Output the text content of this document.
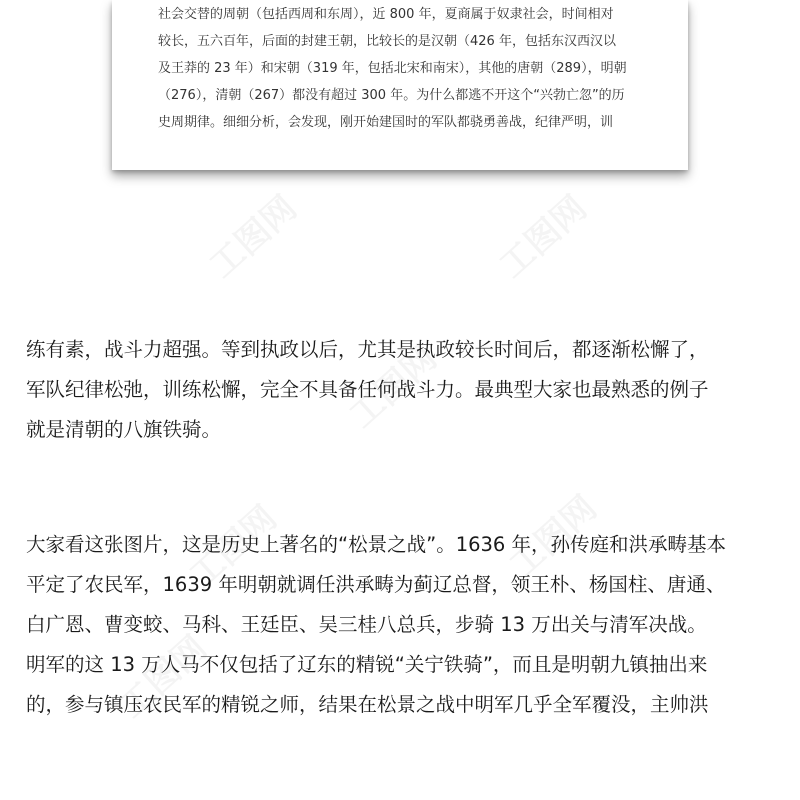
社会交替的周朝（包括西周和东周），近 800 年，夏商属于奴隶社会，时间相对
较长，五六百年，后面的封建王朝，比较长的是汉朝（426 年，包括东汉西汉以
及王莽的 23 年）和宋朝（319 年，包括北宋和南宋），其他的唐朝（289），明朝
（276），清朝（267）都没有超过 300 年。为什么都逃不开这个“兴勃亡忽”的历
史周期律。细细分析，会发现，刚开始建国时的军队都骁勇善战，纪律严明，训
练有素，战斗力超强。等到执政以后，尤其是执政较长时间后，都逐渐松懈了，
军队纪律松弛，训练松懈，完全不具备任何战斗力。最典型大家也最熟悉的例子
就是清朝的八旗铁骑。
大家看这张图片，这是历史上著名的“松景之战”。1636 年，孙传庭和洪承畴基本
平定了农民军，1639 年明朝就调任洪承畴为蓟辽总督，领王朴、杨国柱、唐通、
白广恩、曹变蛟、马科、王廷臣、吴三桂八总兵，步骑 13 万出关与清军决战。
明军的这 13 万人马不仅包括了辽东的精锐“关宁铁骑”，而且是明朝九镇抽出来
的，参与镇压农民军的精锐之师，结果在松景之战中明军几乎全军覆没，主帅洪
